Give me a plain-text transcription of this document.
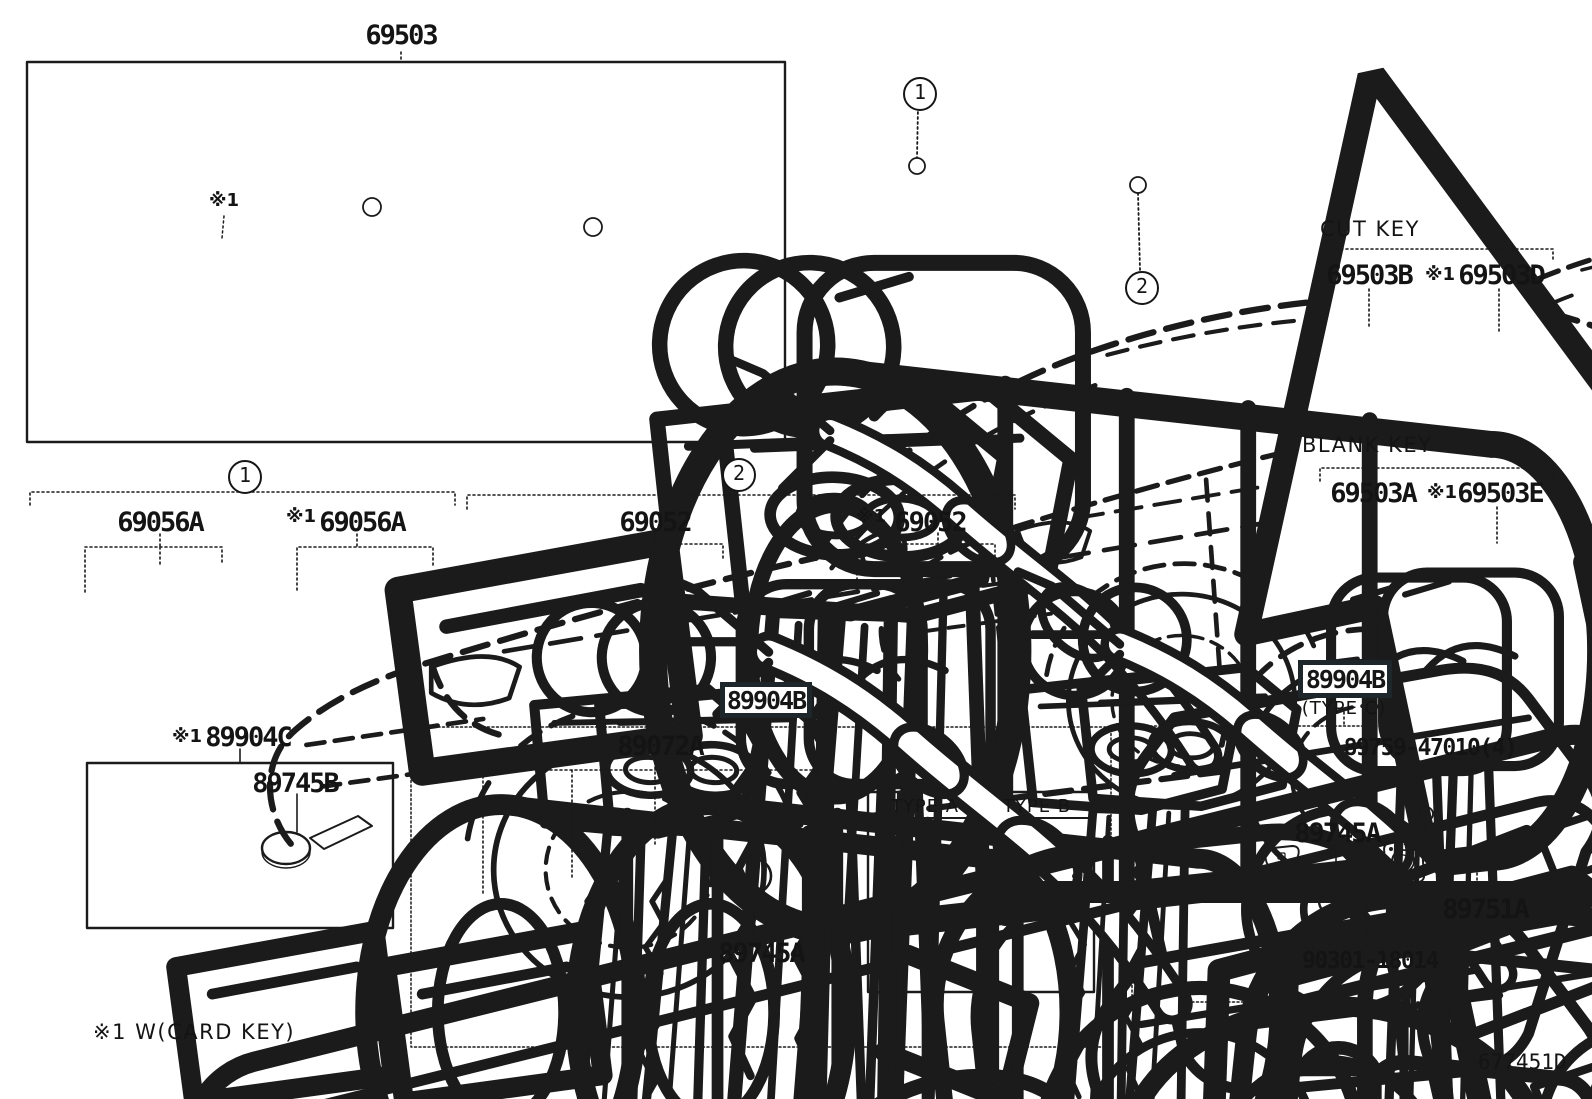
69503
※1
1
2
CUT KEY
69503B ※1 69503D
BLANK KEY
69503A ※1 69503E
89904B
(TYPE C)
1
69056A	※1 69056A
2
69052	※1 69052
※1 89904C
89745B
89904B
89072A
89745A
TYPE A TYPE B
89759-47010(4)
89745A
89751A
90301-18014
※1 W(CARD KEY)
677451D
